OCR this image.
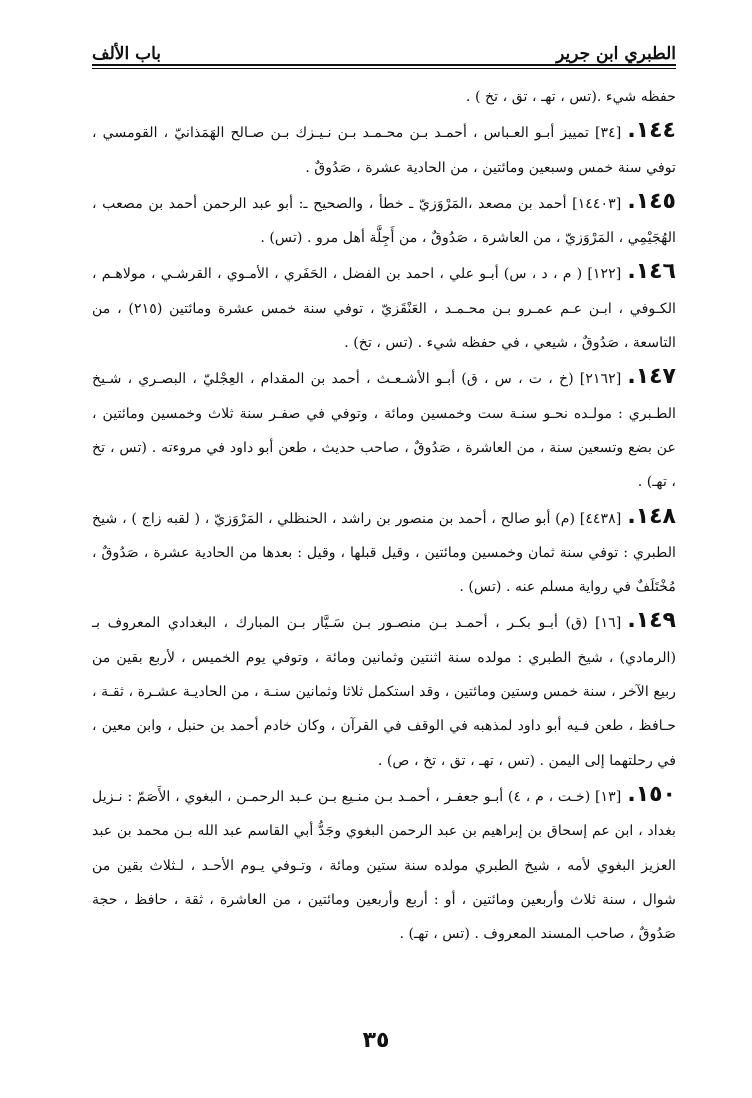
الطبري ابن جرير
باب الألف

حفظه شيء .(تس ، تهـ ، تق ، تخ ) .

١٤٤.[٣٤] تمييز أبـو العـباس ، أحمـد بـن محـمـد بـن نـيـزك بـن صـالح الهَمَذانيّ ، القومسي ، توفي سنة خمس وسبعين ومائتين ، من الحادية عشرة ، صَدُوقٌ .

١٤٥.[١٤٤٠٣] أحمد بن مصعد ،المَرْوَزيّ ـ خطأ ، والصحيح ـ: أبو عبد الرحمن أحمد بن مصعب ، الهُجَيْمِي ، المَرْوَزيّ ، من العاشرة ، صَدُوقٌ ، من أَجِلَّة أهل مرو . (تس) .

١٤٦.[١٢٢] ( م ، د ، س) أبـو علي ، احمد بن الفضل ، الحَفَري ، الأمـوي ، القرشـي ، مولاهـم ، الكـوفي ، ابـن عـم عمـرو بـن محـمـد ، العَنْقَزيّ ، توفي سنة خمس عشرة ومائتين (٢١٥) ، من التاسعة ، صَدُوقٌ ، شيعي ، في حفظه شيء . (تس ، تخ) .

١٤٧.[٢١٦٢] (خ ، ت ، س ، ق) أبـو الأشـعـث ، أحمد بن المقدام ، العِجْليّ ، البصـري ، شـيخ الطـبري : مولـده نحـو سنـة ست وخمسين ومائة ، وتوفي في صفـر سنة ثلاث وخمسين ومائتين ، عن بضع وتسعين سنة ، من العاشرة ، صَدُوقٌ ، صاحب حديث ، طعن أبو داود في مروءته . (تس ، تخ ، تهـ) .

١٤٨.[٤٤٣٨] (م) أبو صالح ، أحمد بن منصور بن راشد ، الحنظلي ، المَرْوَزيّ ، ( لقبه زاج ) ، شيخ الطبري : توفي سنة ثمان وخمسين ومائتين ، وقيل قبلها ، وقيل : بعدها من الحادية عشرة ، صَدُوقٌ ، مُخْتَلَفٌ في رواية مسلم عنه . (تس) .

١٤٩.[١٦] (ق) أبـو بكـر ، أحمـد بـن منصـور بـن سَـيَّار بـن المبارك ، البغدادي المعروف بـ (الرمادي) ، شيخ الطبري : مولده سنة اثنتين وثمانين ومائة ، وتوفي يوم الخميس ، لأربع بقين من ربيع الآخر ، سنة خمس وستين ومائتين ، وقد استكمل ثلاثا وثمانين سنـة ، من الحاديـة عشـرة ، ثقـة ، حـافظ ، طعن فـيه أبو داود لمذهبه في الوقف في القرآن ، وكان خادم أحمد بن حنبل ، وابن معين ، في رحلتهما إلى اليمن . (تس ، تهـ ، تق ، تخ ، ص) .

١٥٠.[١٣] (خـت ، م ، ٤) أبـو جعفـر ، أحمـد بـن منـيع بـن عـبد الرحمـن ، البغوي ، الأَصَمّ : نـزيل بغداد ، ابن عم إسحاق بن إبراهيم بن عبد الرحمن البغوي وجَدُّ أبي القاسم عبد الله بـن محمد بن عبد العزيز البغوي لأمه ، شيخ الطبري مولده سنة ستين ومائة ، وتـوفي يـوم الأحـد ، لـثلاث بقين من شوال ، سنة ثلاث وأربعين ومائتين ، أو : أربع وأربعين ومائتين ، من العاشرة ، ثقة ، حافظ ، حجة صَدُوقٌ ، صاحب المسند المعروف . (تس ، تهـ) .

٣٥
